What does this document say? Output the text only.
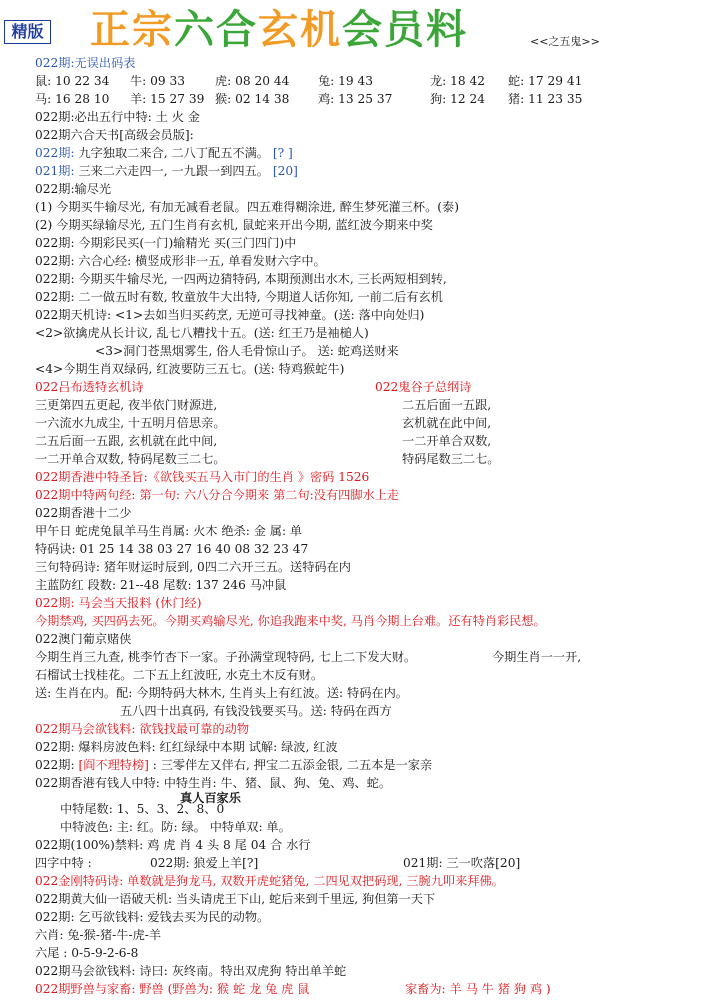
精版 正宗六合玄机会员料	<<之五鬼>>
022期:无误出码表
鼠: 10 22 34 牛: 09 33 虎: 08 20 44 兔: 19 43	龙: 18 42 蛇: 17 29 41
马: 16 28 10 羊: 15 27 39 猴: 02 14 38 鸡: 13 25 37	狗: 12 24 猪: 11 23 35
022期:必出五行中特: 土 火 金
022期六合天书[高级会员版]:
022期: 九字独取二来合, 二八丁配五不满。 [? ]
021期: 三来二六走四一, 一九跟一到四五。 [20]
022期:输尽光
(1) 今期买牛输尽光, 有加无减看老鼠。四五难得糊涂进, 醉生梦死灌三杯。(泰)
(2) 今期买绿输尽光, 五门生肖有玄机, 鼠蛇来开出今期, 蓝红波今期来中奖
022期: 今期彩民买(一门)输精光 买(三门四门)中
022期: 六合心经: 横竖成形非一五, 单看发财六字中。
022期: 今期买牛输尽光, 一四两边猜特码, 本期预测出水木, 三长两短相到转,
022期: 二一做五时有数, 牧童放牛大出特, 今期道人话你知, 一前二后有玄机
022期天机诗: <1>去如当归买药烹, 无逆可寻找神童。(送: 落中向处归)
<2>欲擒虎从长计议, 乱七八糟找十五。(送: 红王乃是袖槌人)
<3>洞门苍黑烟雾生, 俗人毛骨惊山子。 送: 蛇鸡送财来
<4>今期生肖双绿码, 红波要防三五七。(送: 特鸡猴蛇牛)
022吕布透特玄机诗	022鬼谷子总纲诗
三更第四五更起, 夜半依门财源进,	二五后面一五跟,
一六流水九成尘, 十五明月倍思亲。	玄机就在此中间,
二五后面一五跟, 玄机就在此中间,	一二开单合双数,
一二开单合双数, 特码尾数三二七。	特码尾数三二七。
022期香港中特圣旨:《欲钱买五马入市门的生肖 》密码 1526
022期中特两句经: 第一句: 六八分合今期来 第二句:没有四脚水上走
022期香港十二少
甲午日 蛇虎兔鼠羊马生肖属: 火木 绝杀: 金 属: 单
特码诀: 01 25 14 38 03 27 16 40 08 32 23 47
三句特码诗: 猪年财运时辰到, 0四二六开三五。送特码在内
主蓝防红 段数: 21--48 尾数: 137 246 马冲鼠
022期: 马会当天报料 (休门经)
今期禁鸡, 买四码去死。今期买鸡输尽光, 你追我跑来中奖, 马肖今期上台难。还有特肖彩民想。
022澳门葡京赌侠
今期生肖三九查, 桃李竹杏下一家。子孙满堂现特码, 七上二下发大财。	今期生肖一一开,
石榴试士找桂花。二下五上红波旺, 水克土木反有财。
送: 生肖在内。配: 今期特码大林木, 生肖头上有红波。送: 特码在内。
五八四十出真码, 有钱没钱要买马。送: 特码在西方
022期马会欲钱料: 欲钱找最可靠的动物
022期: 爆料房波色料: 红红绿绿中本期 试解: 绿波, 红波
022期: [阎不理特榜] : 三零伴左又伴右, 押宝二五添金银, 二五本是一家亲
022期香港有钱人中特: 中特生肖: 牛、猪、鼠、狗、兔、鸡、蛇。
真人百家乐
中特尾数: 1、5、3、2、8、0
中特波色: 主: 红。防: 绿。 中特单双: 单。
022期(100%)禁料: 鸡 虎 肖 4 头 8 尾 04 合 水行
四字中特 :	022期: 狼爱上羊[?]	021期: 三一吹落[20]
022金刚特码诗: 单数就是狗龙马, 双数开虎蛇猪兔, 二四见双把码现, 三腕九叩来拜佛。
022期黄大仙一语破天机: 当头请虎王下山, 蛇后来到千里远, 狗但第一天下
022期: 乞丐欲钱料: 爱钱去买为民的动物。
六肖: 兔-猴-猪-牛-虎-羊
六尾 : 0-5-9-2-6-8
022期马会欲钱料: 诗曰: 灰终南。特出双虎狗 特出单羊蛇
022期野兽与家畜: 野兽 (野兽为: 猴 蛇 龙 兔 虎 鼠	家畜为: 羊 马 牛 猪 狗 鸡 )
